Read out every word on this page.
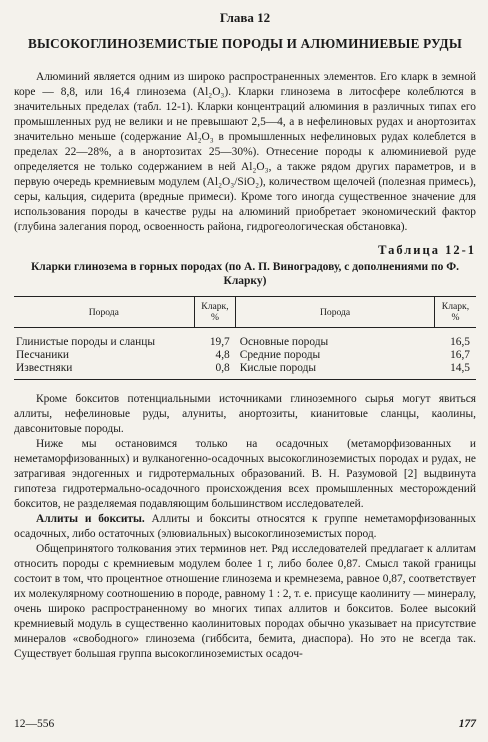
Глава 12
ВЫСОКОГЛИНОЗЕМИСТЫЕ ПОРОДЫ И АЛЮМИНИЕВЫЕ РУДЫ

Алюминий является одним из широко распространенных элементов. Его кларк в земной коре — 8,8, или 16,4 глинозема (Al₂O₃). Кларки глинозема в литосфере колеблются в значительных пределах (табл. 12-1). Кларки концентраций алюминия в различных типах его промышленных руд не велики и не превышают 2,5—4, а в нефелиновых рудах и анортозитах значительно меньше (содержание Al₂O₃ в промышленных нефелиновых рудах колеблется в пределах 22—28%, а в анортозитах 25—30%). Отнесение породы к алюминиевой руде определяется не только содержанием в ней Al₂O₃, а также рядом других параметров, и в первую очередь кремниевым модулем (Al₂O₃/SiO₂), количеством щелочей (полезная примесь), серы, кальция, сидерита (вредные примеси). Кроме того иногда существенное значение для использования породы в качестве руды на алюминий приобретает экономический фактор (глубина залегания пород, освоенность района, гидрогеологическая обстановка).

Таблица 12-1
Кларки глинозема в горных породах (по А. П. Виноградову, с дополнениями по Ф. Кларку)
Порода	Кларк, %	Порода	Кларк, %
Глинистые породы и сланцы	19,7	Основные породы	16,5
Песчаники	4,8	Средние породы	16,7
Известняки	0,8	Кислые породы	14,5

Кроме бокситов потенциальными источниками глиноземного сырья могут явиться аллиты, нефелиновые руды, алуниты, анортозиты, кианитовые сланцы, каолины, давсонитовые породы.

Ниже мы остановимся только на осадочных (метаморфизованных и неметаморфизованных) и вулканогенно-осадочных высокоглиноземистых породах и рудах, не затрагивая эндогенных и гидротермальных образований. В. Н. Разумовой [2] выдвинута гипотеза гидротермально-осадочного происхождения всех промышленных месторождений бокситов, не разделяемая подавляющим большинством исследователей.

Аллиты и бокситы. Аллиты и бокситы относятся к группе неметаморфизованных осадочных, либо остаточных (элювиальных) высокоглиноземистых пород.

Общепринятого толкования этих терминов нет. Ряд исследователей предлагает к аллитам относить породы с кремниевым модулем более 1 г, либо более 0,87. Смысл такой границы состоит в том, что процентное отношение глинозема и кремнезема, равное 0,87, соответствует их молекулярному соотношению в породе, равному 1 : 2, т. е. присуще каолиниту — минералу, очень широко распространенному во многих типах аллитов и бокситов. Более высокий кремниевый модуль в существенно каолинитовых породах обычно указывает на присутствие минералов «свободного» глинозема (гиббсита, бемита, диаспора). Но это не всегда так. Существует большая группа высокоглиноземистых осадоч-

12—556	177
